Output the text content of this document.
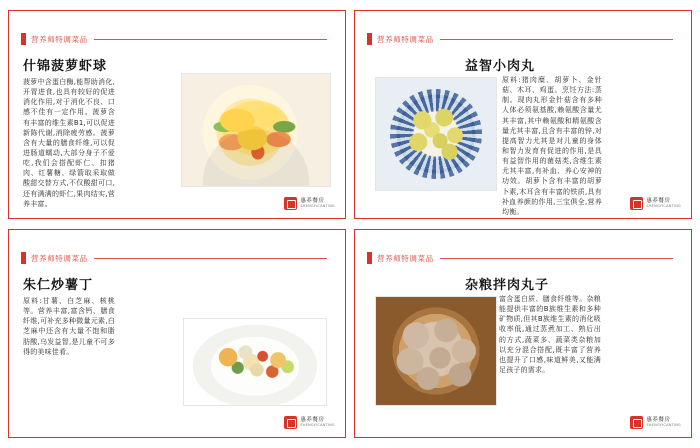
营养师特调菜品
什锦菠萝虾球
菠萝中含蛋白酶,能帮助消化,开胃进食,也具有较好的促进消化作用,对于消化不良、口感不佳有一定作用。菠萝含有丰富的维生素B1,可以促进新陈代谢,消除疲劳感。菠萝含有大量的膳食纤维,可以促进肠道蠕动,大部分身子不爱吃,我们会搭配虾仁、扣猪肉、红薯糖、绿箭取采取做酸甜交替方式,不仅酸甜可口,还有满满的虾仁,果肉结实,营养丰富。	惠养餐房
SHENGYICANTING
营养师特调菜品
益智小肉丸
原料:猪肉糜、胡萝卜、金针菇、木耳、鸡蛋。烹饪方法:蒸制。现肉丸形金针菇含有多种人体必须氨基酸,赖氨酸含量尤其丰富,其中赖氨酸和精氨酸含量尤其丰富,且含有丰富的锌,对提高智力尤其是对儿童的身体和智力发育有促进的作用,是具有益智作用的菌菇类,含维生素尤其丰富,有补血、养心安神的功效。胡萝卜含有丰富的胡萝卜素,木耳含有丰富的铁质,具有补血养颜的作用,三宝俱全,营养均衡。
惠养餐房
SHENGYICANTING
营养师特调菜品
朱仁炒薯丁
原料:甘薯、白芝麻、核桃等。营养丰富,富含钙、膳食纤维,可补充多种微量元素,白芝麻中还含有大量不饱和脂肪酸,乌发益智,是儿童不可多得的美味佳肴。
惠养餐房
SHENGYICANTING
营养师特调菜品
杂粮拌肉丸子
富含蛋白质、膳食纤维等。杂粮能提供丰富的B族维生素和多种矿物质,但其B族维生素的消化吸收率低,通过蒸煮加工、熟后出的方式,蔬菜多、蔬菜类杂粮加以充分混合搭配,既丰富了营养也提升了口感,味道鲜美,又能满足孩子的需求。
惠养餐房
SHENGYICANTING
